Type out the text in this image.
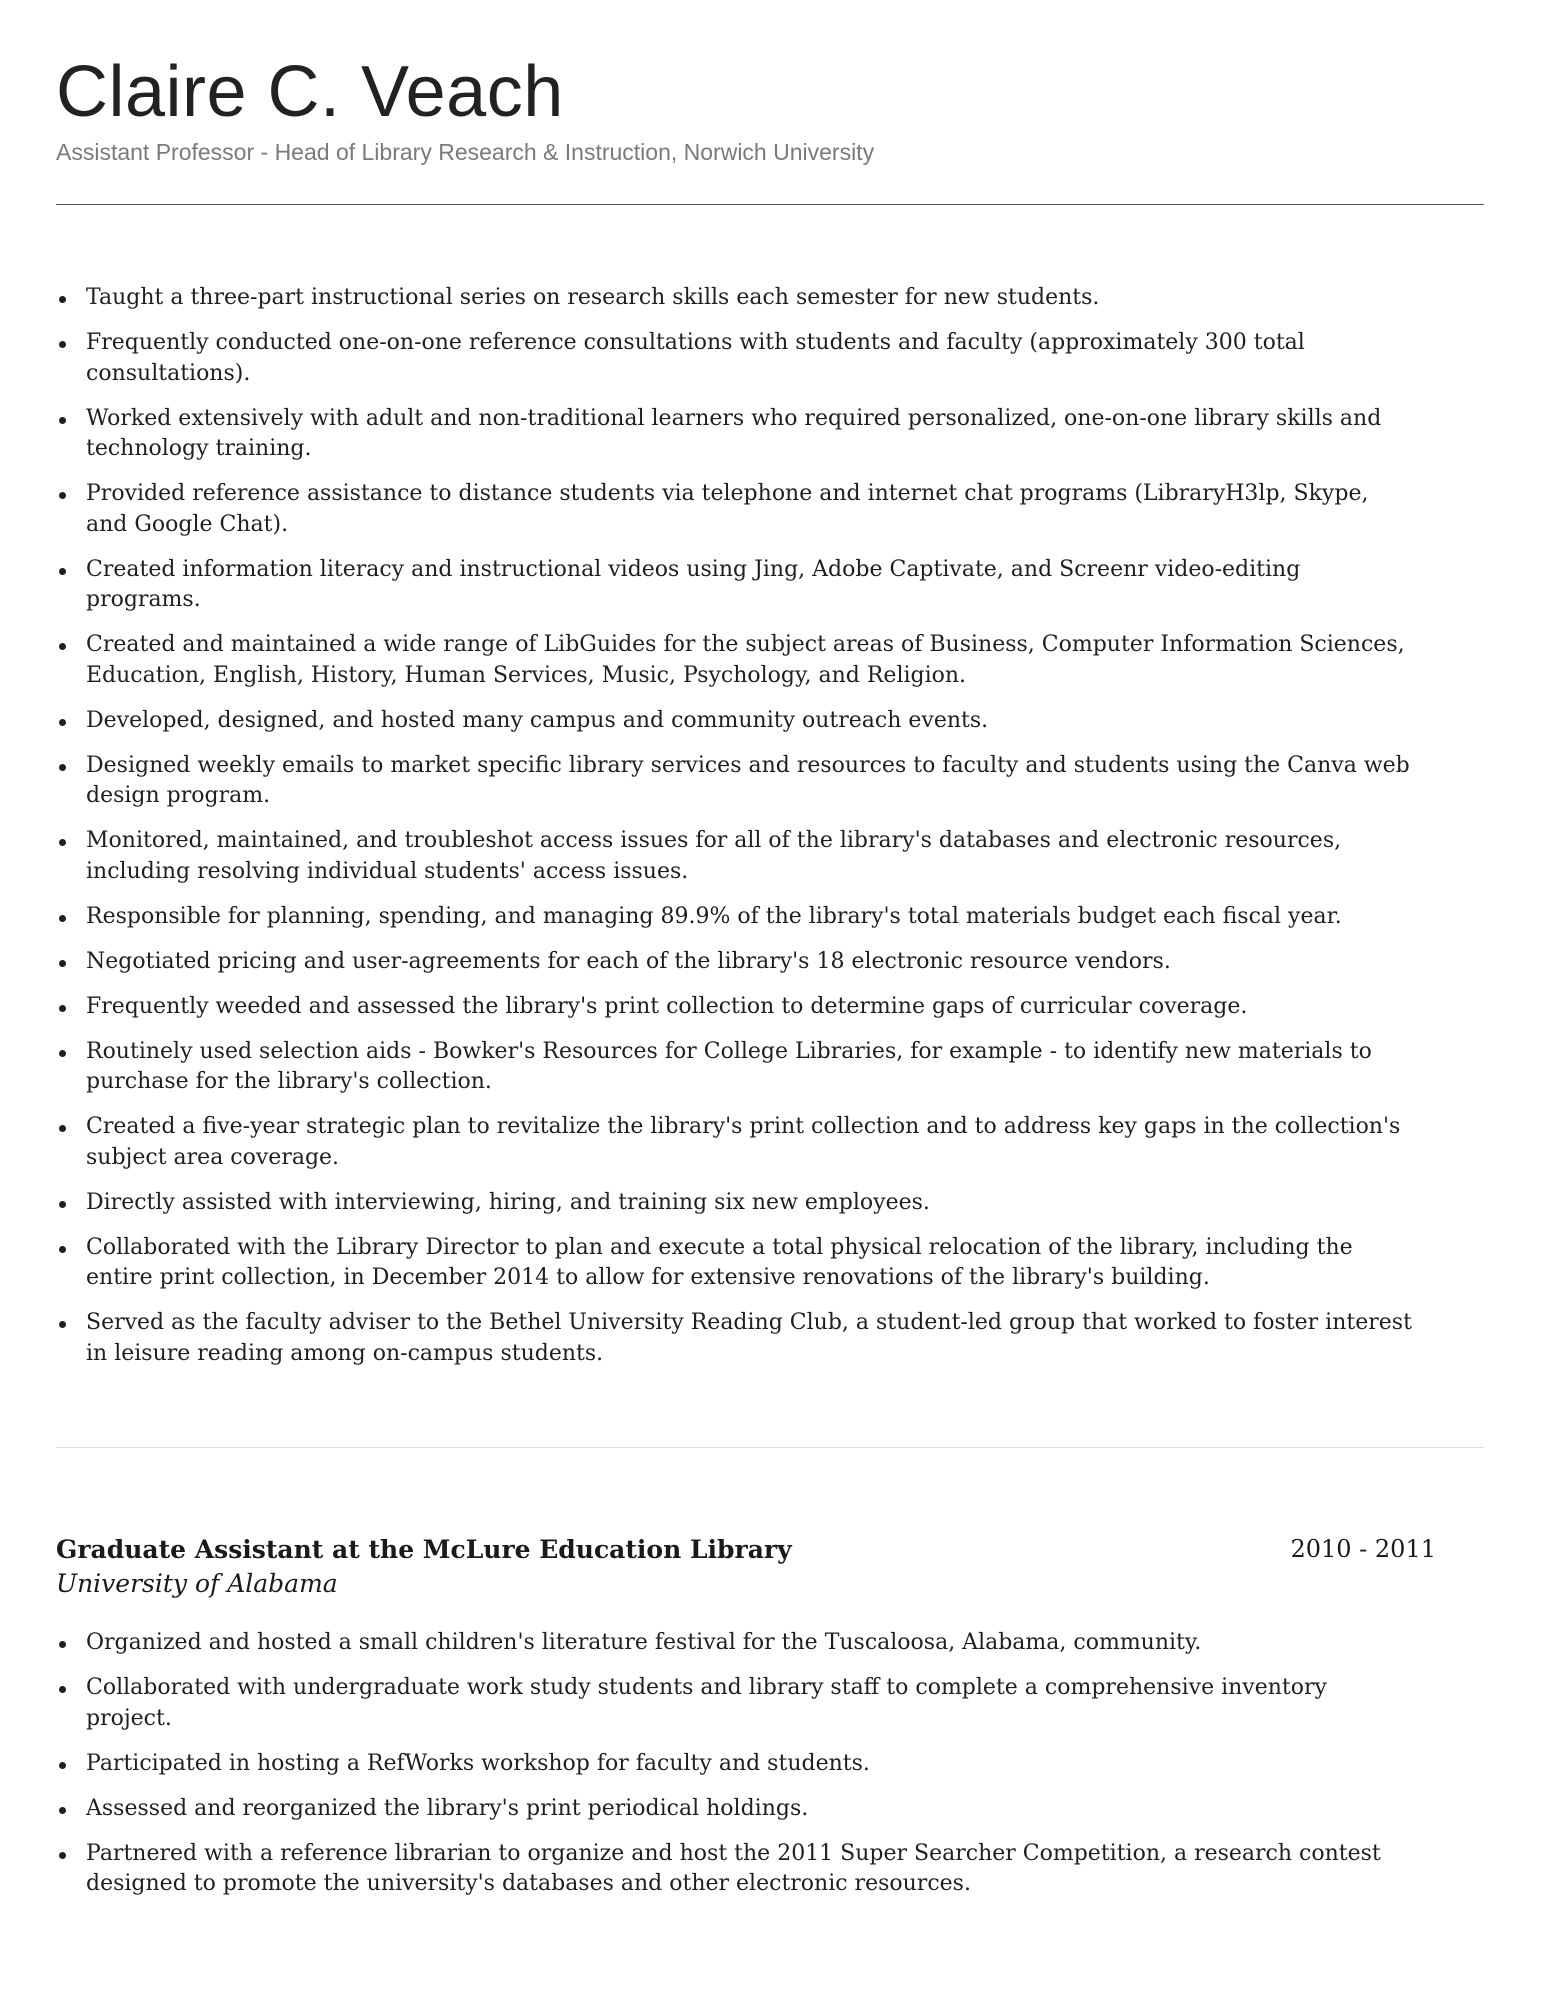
Claire C. Veach
Assistant Professor - Head of Library Research & Instruction, Norwich University
Taught a three-part instructional series on research skills each semester for new students.
Frequently conducted one-on-one reference consultations with students and faculty (approximately 300 total consultations).
Worked extensively with adult and non-traditional learners who required personalized, one-on-one library skills and technology training.
Provided reference assistance to distance students via telephone and internet chat programs (LibraryH3lp, Skype, and Google Chat).
Created information literacy and instructional videos using Jing, Adobe Captivate, and Screenr video-editing programs.
Created and maintained a wide range of LibGuides for the subject areas of Business, Computer Information Sciences, Education, English, History, Human Services, Music, Psychology, and Religion.
Developed, designed, and hosted many campus and community outreach events.
Designed weekly emails to market specific library services and resources to faculty and students using the Canva web design program.
Monitored, maintained, and troubleshot access issues for all of the library's databases and electronic resources, including resolving individual students' access issues.
Responsible for planning, spending, and managing 89.9% of the library's total materials budget each fiscal year.
Negotiated pricing and user-agreements for each of the library's 18 electronic resource vendors.
Frequently weeded and assessed the library's print collection to determine gaps of curricular coverage.
Routinely used selection aids - Bowker's Resources for College Libraries, for example - to identify new materials to purchase for the library's collection.
Created a five-year strategic plan to revitalize the library's print collection and to address key gaps in the collection's subject area coverage.
Directly assisted with interviewing, hiring, and training six new employees.
Collaborated with the Library Director to plan and execute a total physical relocation of the library, including the entire print collection, in December 2014 to allow for extensive renovations of the library's building.
Served as the faculty adviser to the Bethel University Reading Club, a student-led group that worked to foster interest in leisure reading among on-campus students.
Graduate Assistant at the McLure Education Library	2010 - 2011
University of Alabama
Organized and hosted a small children's literature festival for the Tuscaloosa, Alabama, community.
Collaborated with undergraduate work study students and library staff to complete a comprehensive inventory project.
Participated in hosting a RefWorks workshop for faculty and students.
Assessed and reorganized the library's print periodical holdings.
Partnered with a reference librarian to organize and host the 2011 Super Searcher Competition, a research contest designed to promote the university's databases and other electronic resources.
